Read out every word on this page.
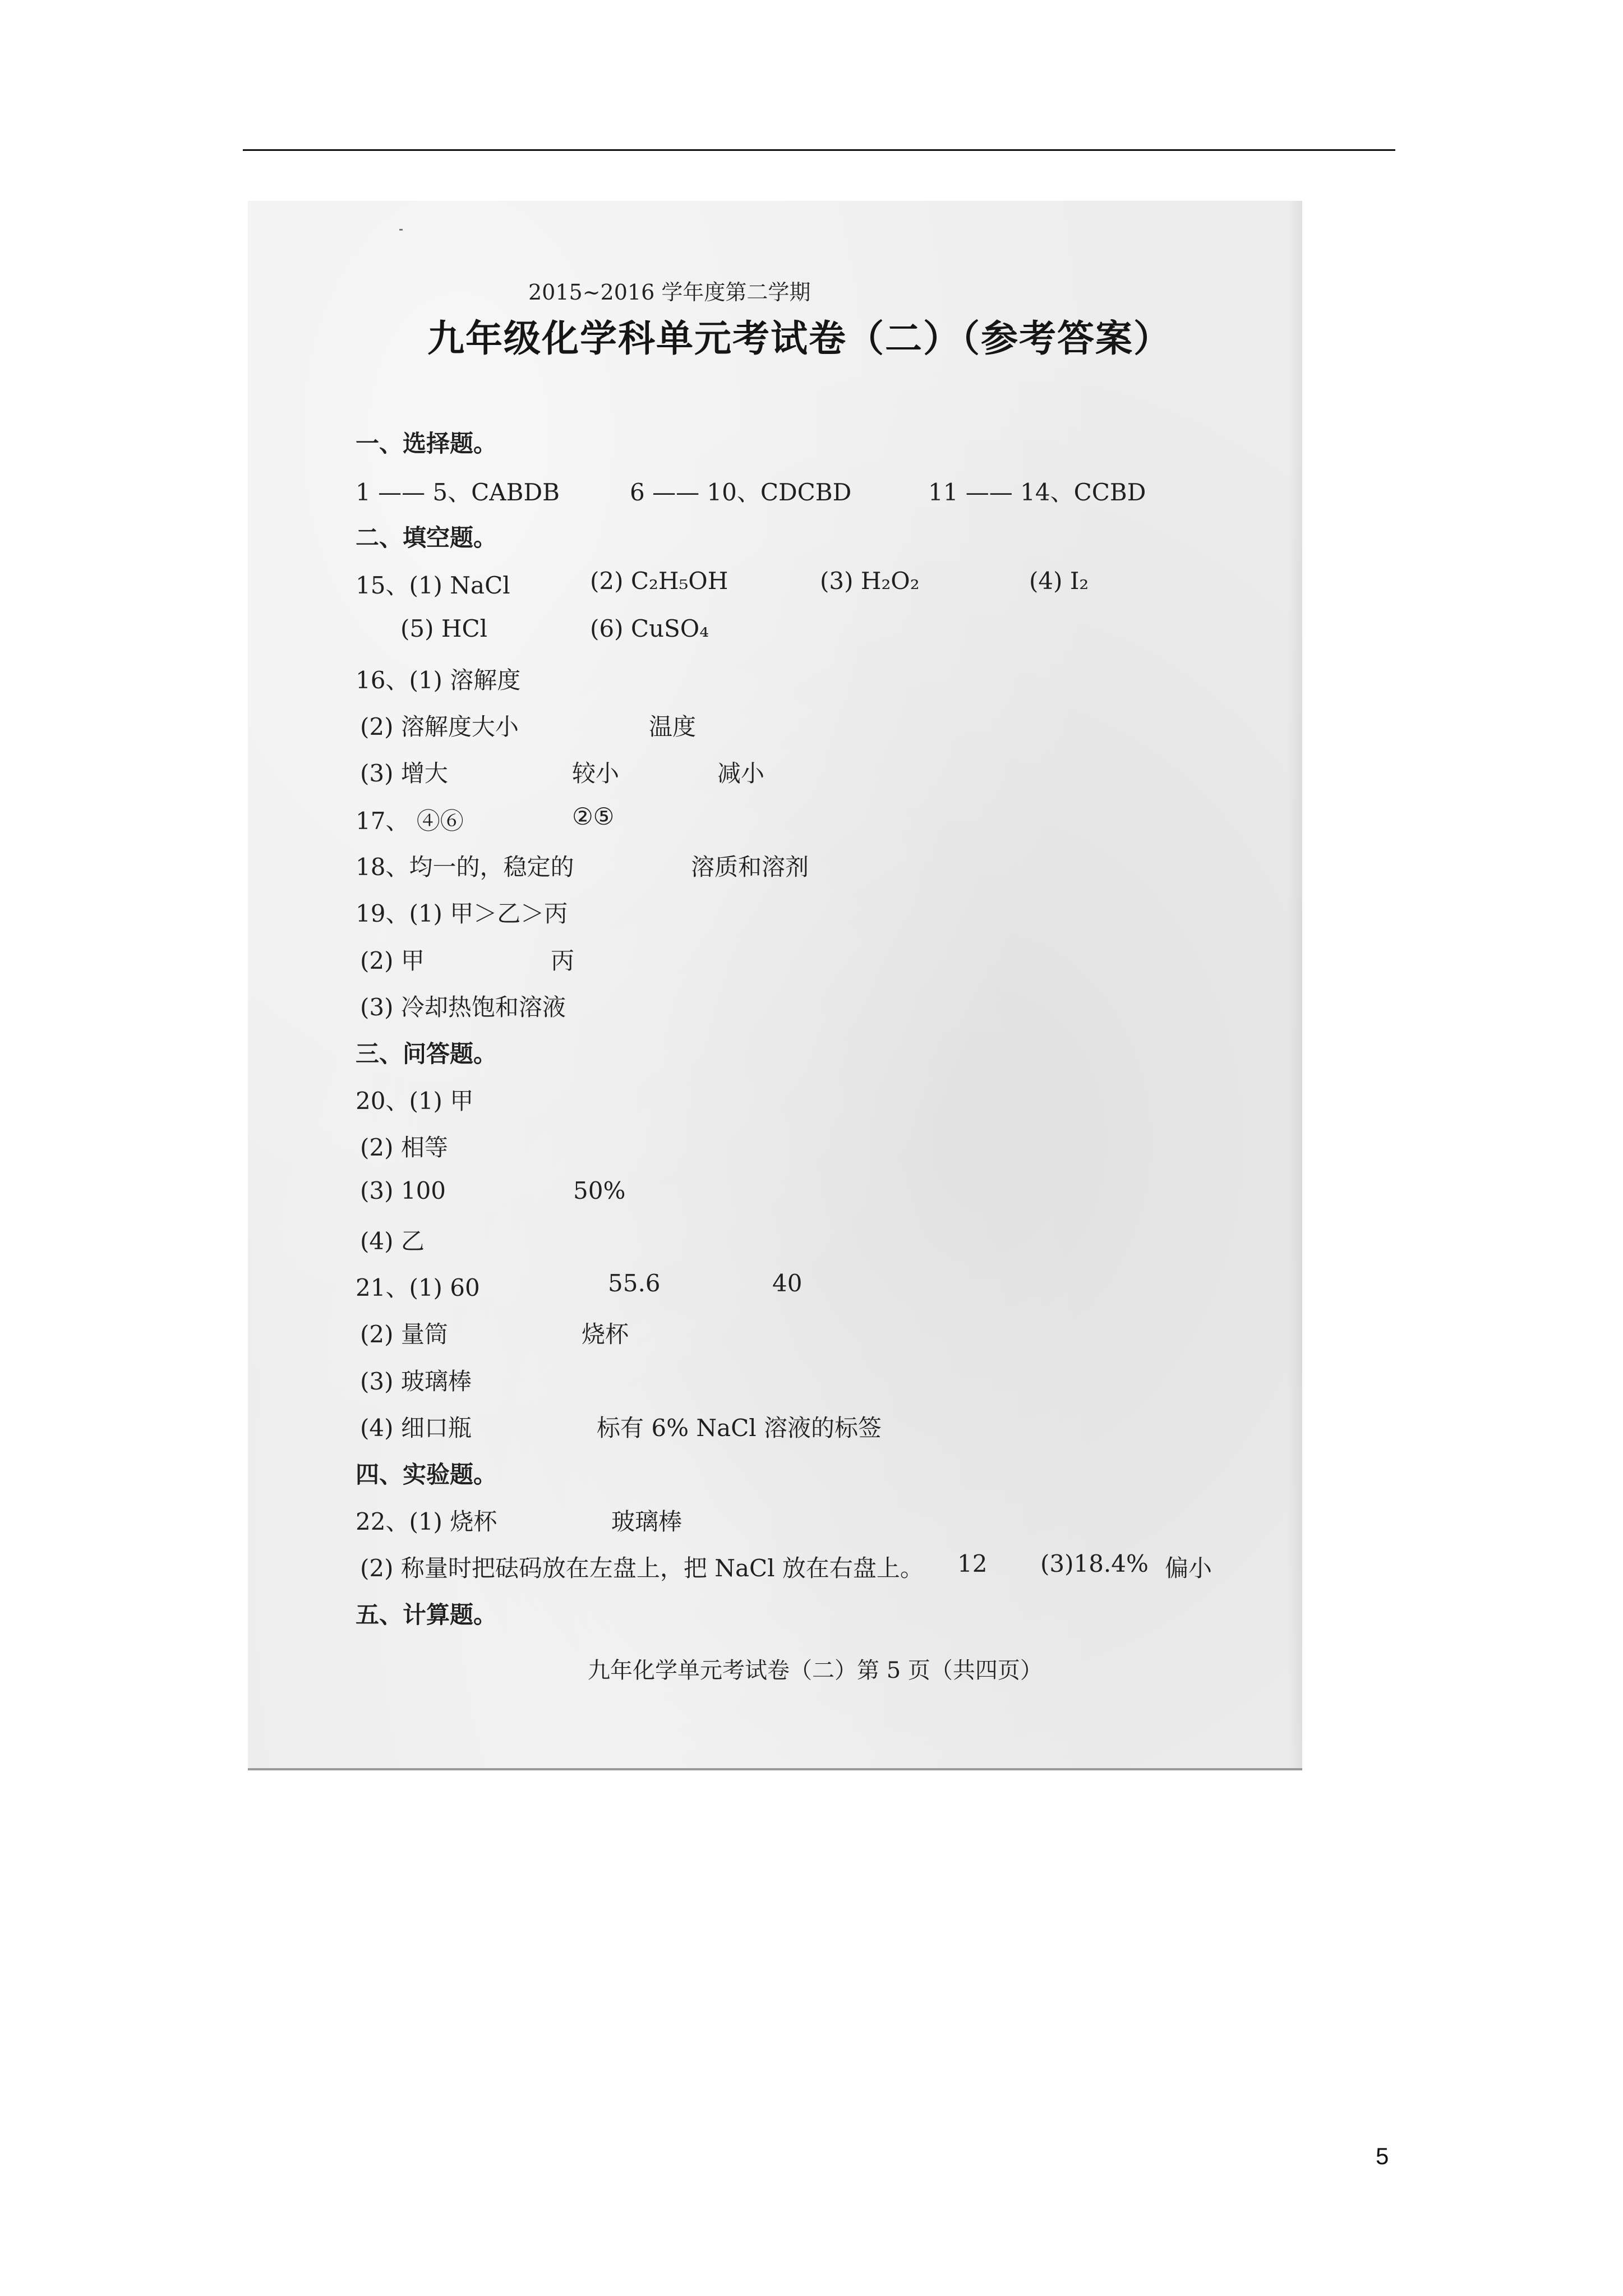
2015~2016 学年度第二学期
九年级化学科单元考试卷（二）（参考答案）
一、选择题。
1 —— 5、CABDB	6 —— 10、CDCBD	11 —— 14、CCBD
二、填空题。
15、(1) NaCl	(2) C₂H₅OH	(3) H₂O₂	(4) I₂
(5) HCl	(6) CuSO₄
16、(1) 溶解度
(2) 溶解度大小	温度
(3) 增大	较小	减小
17、 ④⑥	②⑤
18、均一的，稳定的	溶质和溶剂
19、(1) 甲＞乙＞丙
(2) 甲	丙
(3) 冷却热饱和溶液
三、问答题。
20、(1) 甲
(2) 相等
(3) 100	50%
(4) 乙
21、(1) 60	55.6	40
(2) 量筒	烧杯
(3) 玻璃棒
(4) 细口瓶	标有 6% NaCl 溶液的标签
四、实验题。
22、(1) 烧杯	玻璃棒
(2) 称量时把砝码放在左盘上，把 NaCl 放在右盘上。 12 (3)18.4% 偏小
五、计算题。
九年化学单元考试卷（二）第 5 页（共四页）
5
